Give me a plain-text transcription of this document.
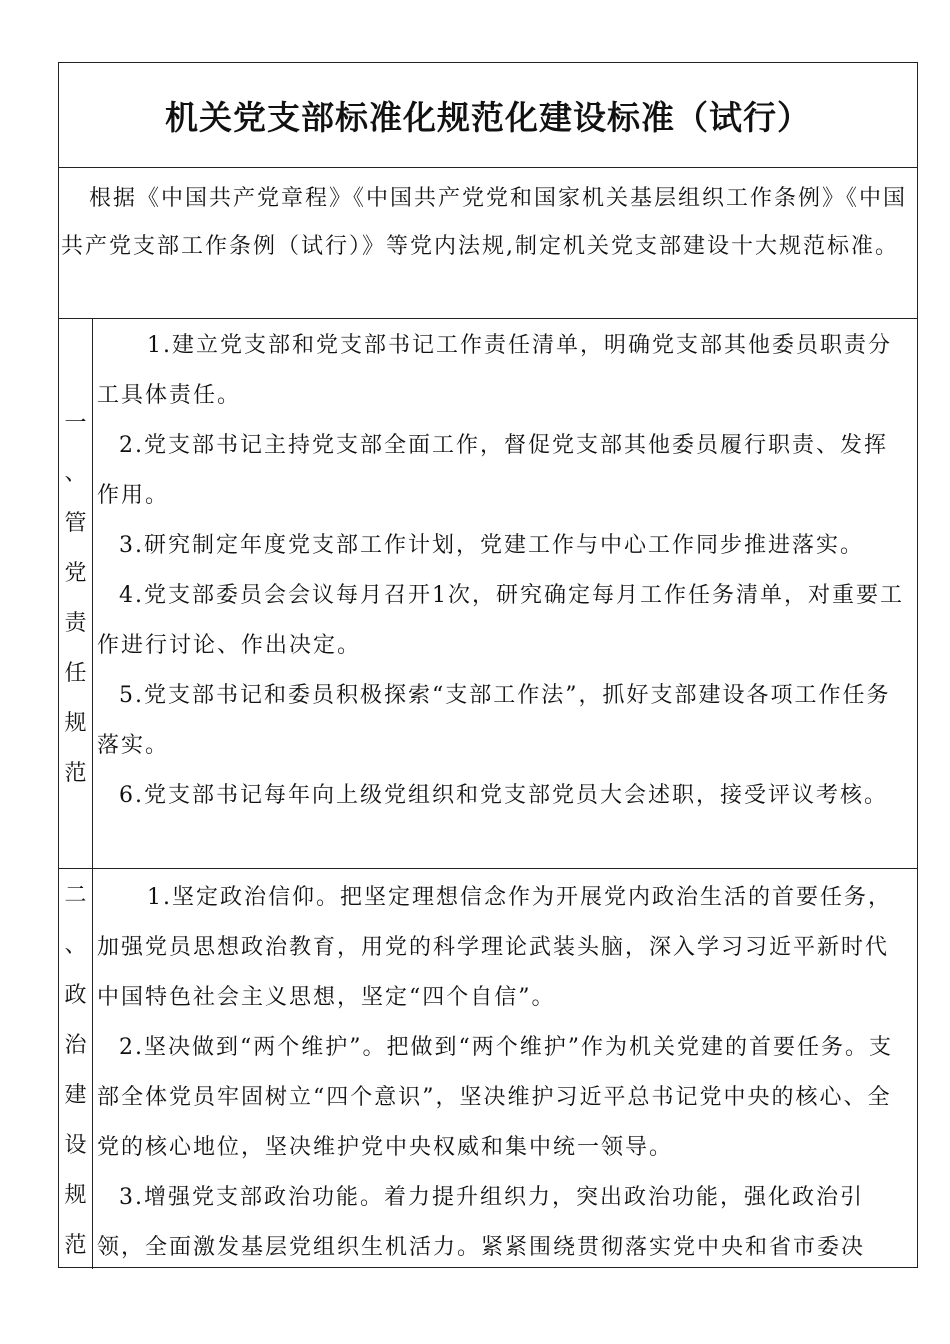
机关党支部标准化规范化建设标准（试行）

根据《中国共产党章程》《中国共产党党和国家机关基层组织工作条例》《中国共产党支部工作条例（试行）》等党内法规,制定机关党支部建设十大规范标准。

一
、
管
党
责
任
规
范

1.建立党支部和党支部书记工作责任清单，明确党支部其他委员职责分工具体责任。

2.党支部书记主持党支部全面工作，督促党支部其他委员履行职责、发挥作用。

3.研究制定年度党支部工作计划，党建工作与中心工作同步推进落实。

4.党支部委员会会议每月召开1次，研究确定每月工作任务清单，对重要工作进行讨论、作出决定。

5.党支部书记和委员积极探索“支部工作法”，抓好支部建设各项工作任务落实。

6.党支部书记每年向上级党组织和党支部党员大会述职，接受评议考核。

二
、
政
治
建
设
规
范

1.坚定政治信仰。把坚定理想信念作为开展党内政治生活的首要任务，加强党员思想政治教育，用党的科学理论武装头脑，深入学习习近平新时代中国特色社会主义思想，坚定“四个自信”。

2.坚决做到“两个维护”。把做到“两个维护”作为机关党建的首要任务。支部全体党员牢固树立“四个意识”，坚决维护习近平总书记党中央的核心、全党的核心地位，坚决维护党中央权威和集中统一领导。

3.增强党支部政治功能。着力提升组织力，突出政治功能，强化政治引领，全面激发基层党组织生机活力。紧紧围绕贯彻落实党中央和省市委决
